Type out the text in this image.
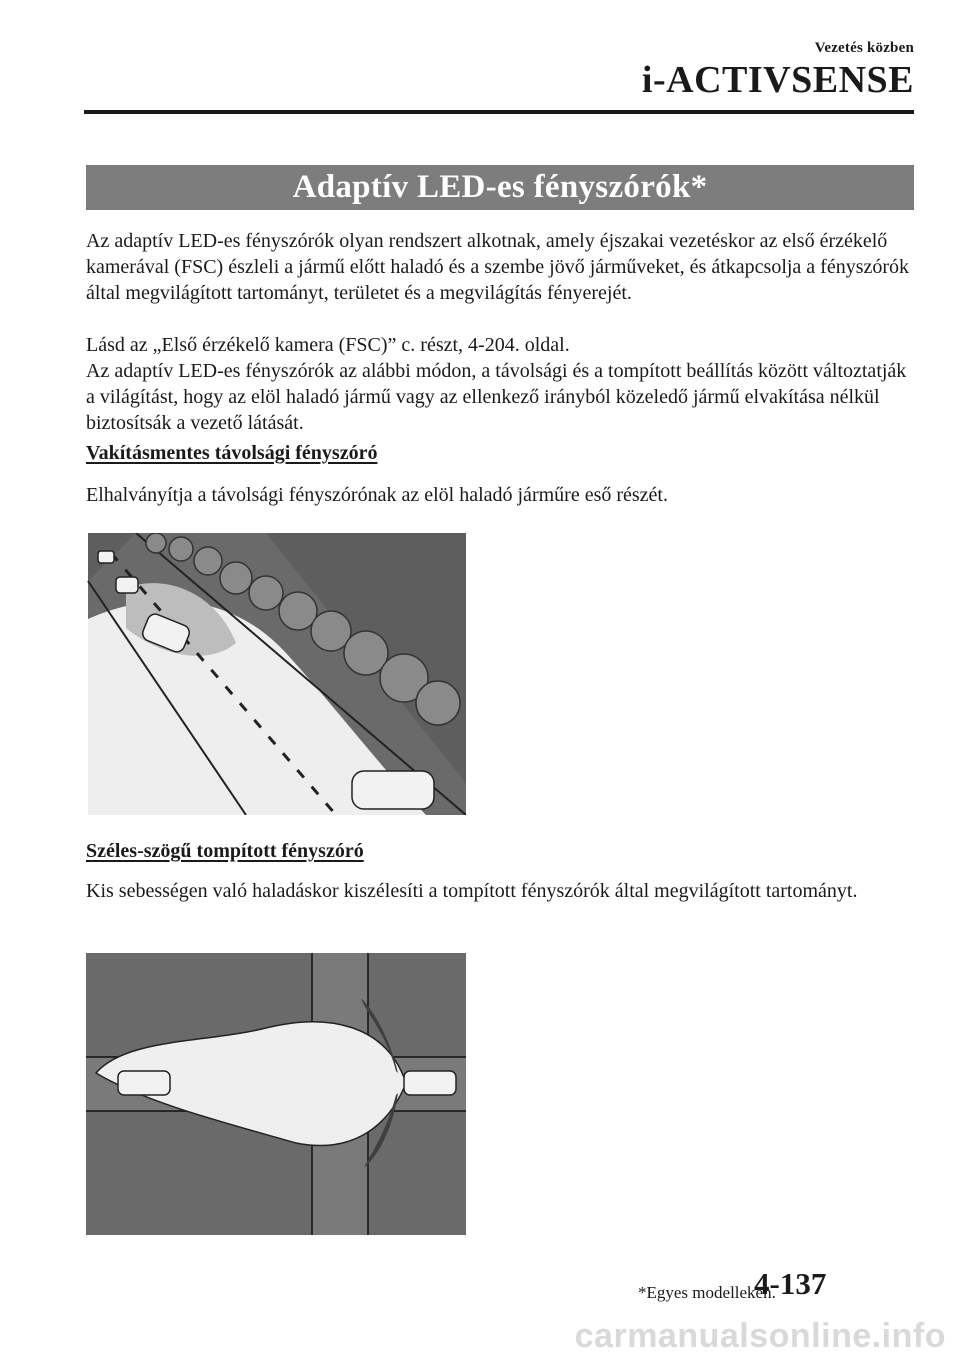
Vezetés közben
i-ACTIVSENSE
Adaptív LED-es fényszórók*

Az adaptív LED-es fényszórók olyan rendszert alkotnak, amely éjszakai vezetéskor az első érzékelő kamerával (FSC) észleli a jármű előtt haladó és a szembe jövő járműveket, és átkapcsolja a fényszórók által megvilágított tartományt, területet és a megvilágítás fényerejét.

Lásd az „Első érzékelő kamera (FSC)” c. részt, 4-204. oldal.

Az adaptív LED-es fényszórók az alábbi módon, a távolsági és a tompított beállítás között változtatják a világítást, hogy az elöl haladó jármű vagy az ellenkező irányból közeledő jármű elvakítása nélkül biztosítsák a vezető látását.

Vakításmentes távolsági fényszóró

Elhalványítja a távolsági fényszórónak az elöl haladó járműre eső részét.

Széles-szögű tompított fényszóró

Kis sebességen való haladáskor kiszélesíti a tompított fényszórók által megvilágított tartományt.

*Egyes modelleken.
4-137
carmanualsonline.info
